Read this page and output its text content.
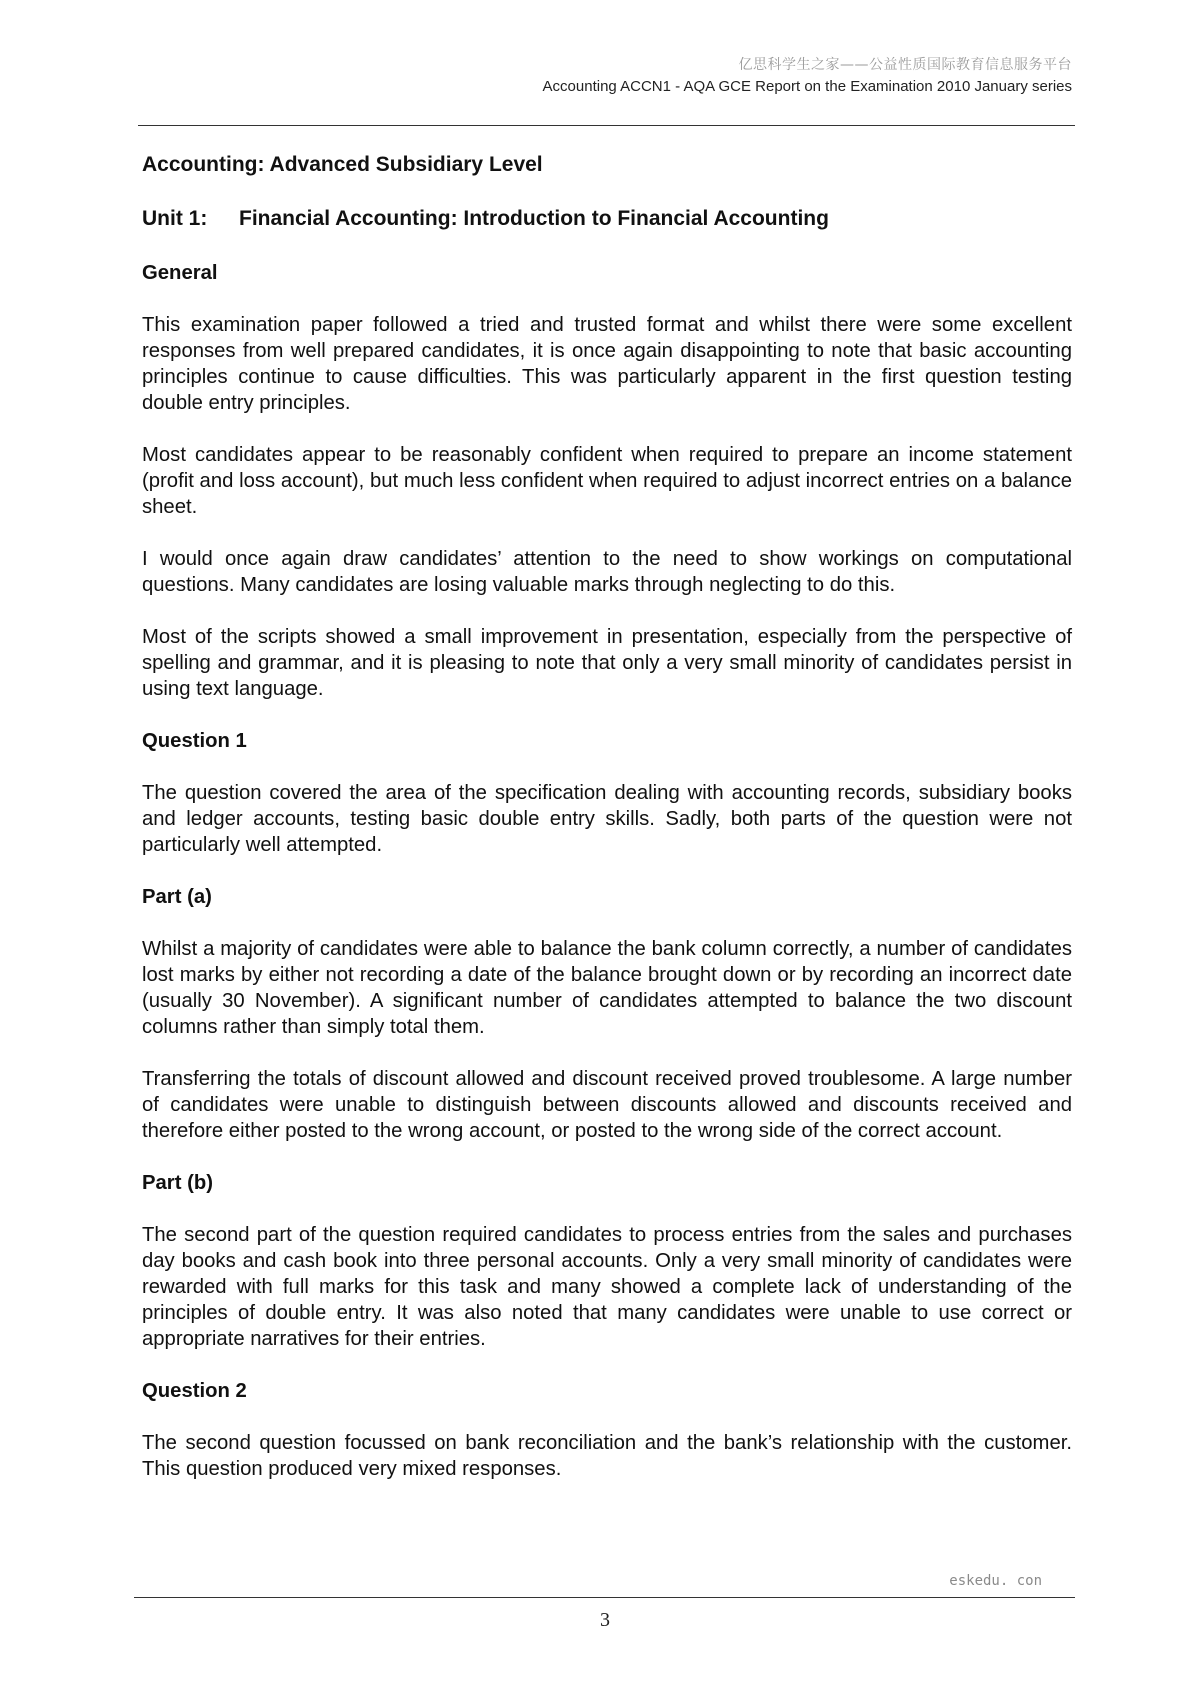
亿思科学生之家——公益性质国际教育信息服务平台
Accounting ACCN1 - AQA GCE Report on the Examination 2010 January series
Accounting: Advanced Subsidiary Level
Unit 1:	Financial Accounting: Introduction to Financial Accounting
General

This examination paper followed a tried and trusted format and whilst there were some excellent responses from well prepared candidates, it is once again disappointing to note that basic accounting principles continue to cause difficulties. This was particularly apparent in the first question testing double entry principles.

Most candidates appear to be reasonably confident when required to prepare an income statement (profit and loss account), but much less confident when required to adjust incorrect entries on a balance sheet.

I would once again draw candidates’ attention to the need to show workings on computational questions. Many candidates are losing valuable marks through neglecting to do this.

Most of the scripts showed a small improvement in presentation, especially from the perspective of spelling and grammar, and it is pleasing to note that only a very small minority of candidates persist in using text language.

Question 1

The question covered the area of the specification dealing with accounting records, subsidiary books and ledger accounts, testing basic double entry skills. Sadly, both parts of the question were not particularly well attempted.

Part (a)

Whilst a majority of candidates were able to balance the bank column correctly, a number of candidates lost marks by either not recording a date of the balance brought down or by recording an incorrect date (usually 30 November). A significant number of candidates attempted to balance the two discount columns rather than simply total them.

Transferring the totals of discount allowed and discount received proved troublesome. A large number of candidates were unable to distinguish between discounts allowed and discounts received and therefore either posted to the wrong account, or posted to the wrong side of the correct account.

Part (b)

The second part of the question required candidates to process entries from the sales and purchases day books and cash book into three personal accounts. Only a very small minority of candidates were rewarded with full marks for this task and many showed a complete lack of understanding of the principles of double entry. It was also noted that many candidates were unable to use correct or appropriate narratives for their entries.

Question 2

The second question focussed on bank reconciliation and the bank’s relationship with the customer. This question produced very mixed responses.

eskedu. con
3
